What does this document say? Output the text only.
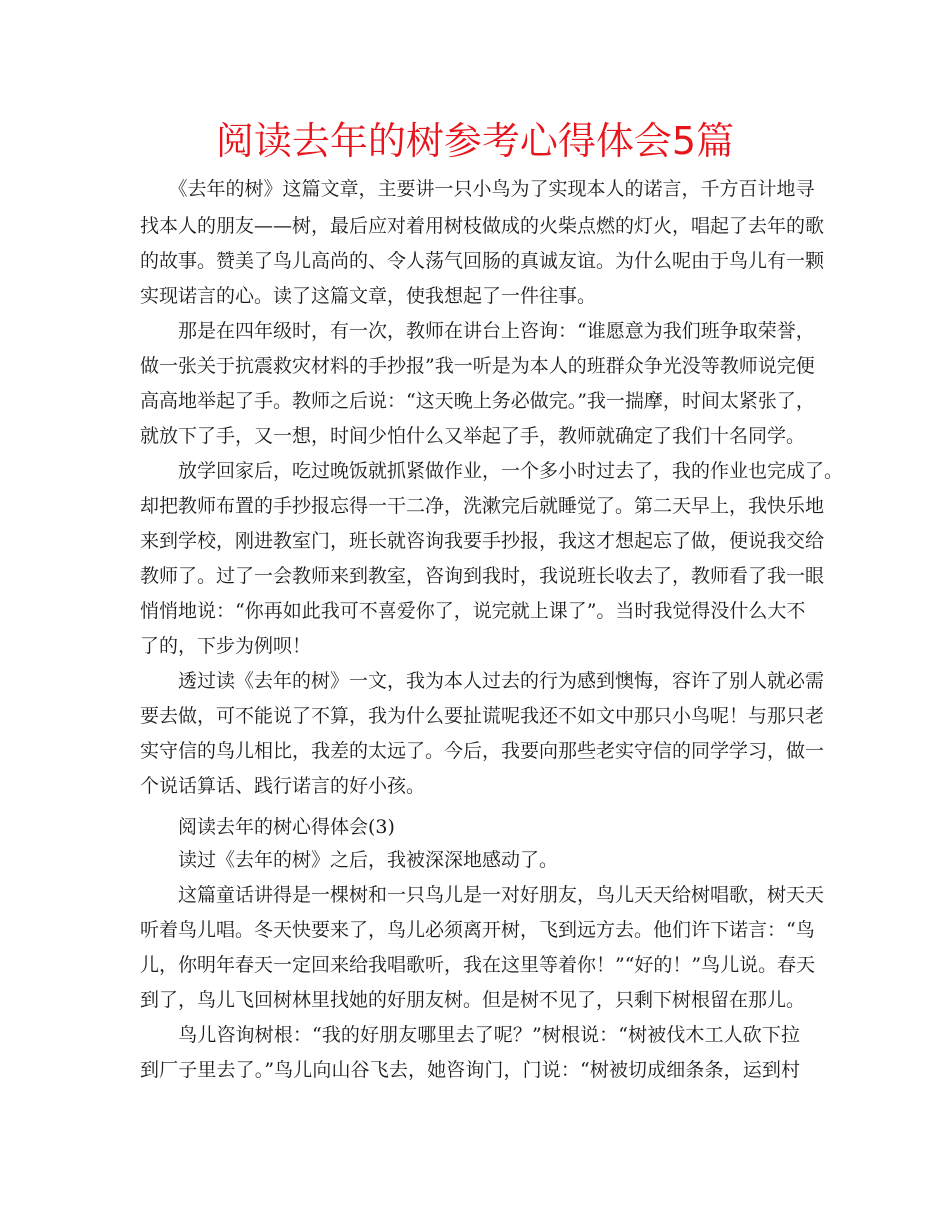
阅读去年的树参考心得体会5篇
　　《去年的树》这篇文章，主要讲一只小鸟为了实现本人的诺言，千方百计地寻
找本人的朋友——树，最后应对着用树枝做成的火柴点燃的灯火，唱起了去年的歌
的故事。赞美了鸟儿高尚的、令人荡气回肠的真诚友谊。为什么呢由于鸟儿有一颗
实现诺言的心。读了这篇文章，使我想起了一件往事。
　　那是在四年级时，有一次，教师在讲台上咨询：“谁愿意为我们班争取荣誉，
做一张关于抗震救灾材料的手抄报”我一听是为本人的班群众争光没等教师说完便
高高地举起了手。教师之后说：“这天晚上务必做完。”我一揣摩，时间太紧张了，
就放下了手，又一想，时间少怕什么又举起了手，教师就确定了我们十名同学。
　　放学回家后，吃过晚饭就抓紧做作业，一个多小时过去了，我的作业也完成了。
却把教师布置的手抄报忘得一干二净，洗漱完后就睡觉了。第二天早上，我快乐地
来到学校，刚进教室门，班长就咨询我要手抄报，我这才想起忘了做，便说我交给
教师了。过了一会教师来到教室，咨询到我时，我说班长收去了，教师看了我一眼
悄悄地说：“你再如此我可不喜爱你了，说完就上课了”。当时我觉得没什么大不
了的，下步为例呗！
　　透过读《去年的树》一文，我为本人过去的行为感到懊悔，容许了别人就必需
要去做，可不能说了不算，我为什么要扯谎呢我还不如文中那只小鸟呢！与那只老
实守信的鸟儿相比，我差的太远了。今后，我要向那些老实守信的同学学习，做一
个说话算话、践行诺言的好小孩。
　　阅读去年的树心得体会(3)
　　读过《去年的树》之后，我被深深地感动了。
　　这篇童话讲得是一棵树和一只鸟儿是一对好朋友，鸟儿天天给树唱歌，树天天
听着鸟儿唱。冬天快要来了，鸟儿必须离开树，飞到远方去。他们许下诺言：“鸟
儿，你明年春天一定回来给我唱歌听，我在这里等着你！”“好的！”鸟儿说。春天
到了，鸟儿飞回树林里找她的好朋友树。但是树不见了，只剩下树根留在那儿。
　　鸟儿咨询树根：“我的好朋友哪里去了呢？”树根说：“树被伐木工人砍下拉
到厂子里去了。”鸟儿向山谷飞去，她咨询门，门说：“树被切成细条条，运到村
